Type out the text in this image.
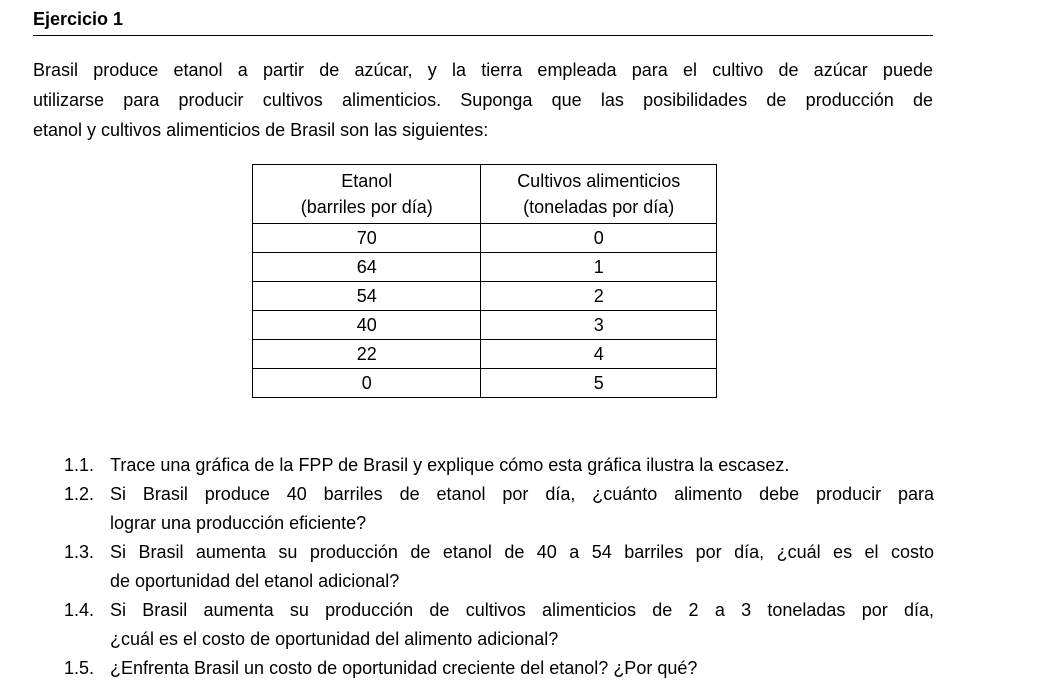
Ejercicio 1
Brasil produce etanol a partir de azúcar, y la tierra empleada para el cultivo de azúcar puede
utilizarse para producir cultivos alimenticios. Suponga que las posibilidades de producción de
etanol y cultivos alimenticios de Brasil son las siguientes:
Etanol
(barriles por día)	Cultivos alimenticios
(toneladas por día)
70	0
64	1
54	2
40	3
22	4
0	5
1.1. Trace una gráfica de la FPP de Brasil y explique cómo esta gráfica ilustra la escasez.
1.2. Si Brasil produce 40 barriles de etanol por día, ¿cuánto alimento debe producir para
lograr una producción eficiente?
1.3. Si Brasil aumenta su producción de etanol de 40 a 54 barriles por día, ¿cuál es el costo
de oportunidad del etanol adicional?
1.4. Si Brasil aumenta su producción de cultivos alimenticios de 2 a 3 toneladas por día,
¿cuál es el costo de oportunidad del alimento adicional?
1.5. ¿Enfrenta Brasil un costo de oportunidad creciente del etanol? ¿Por qué?
